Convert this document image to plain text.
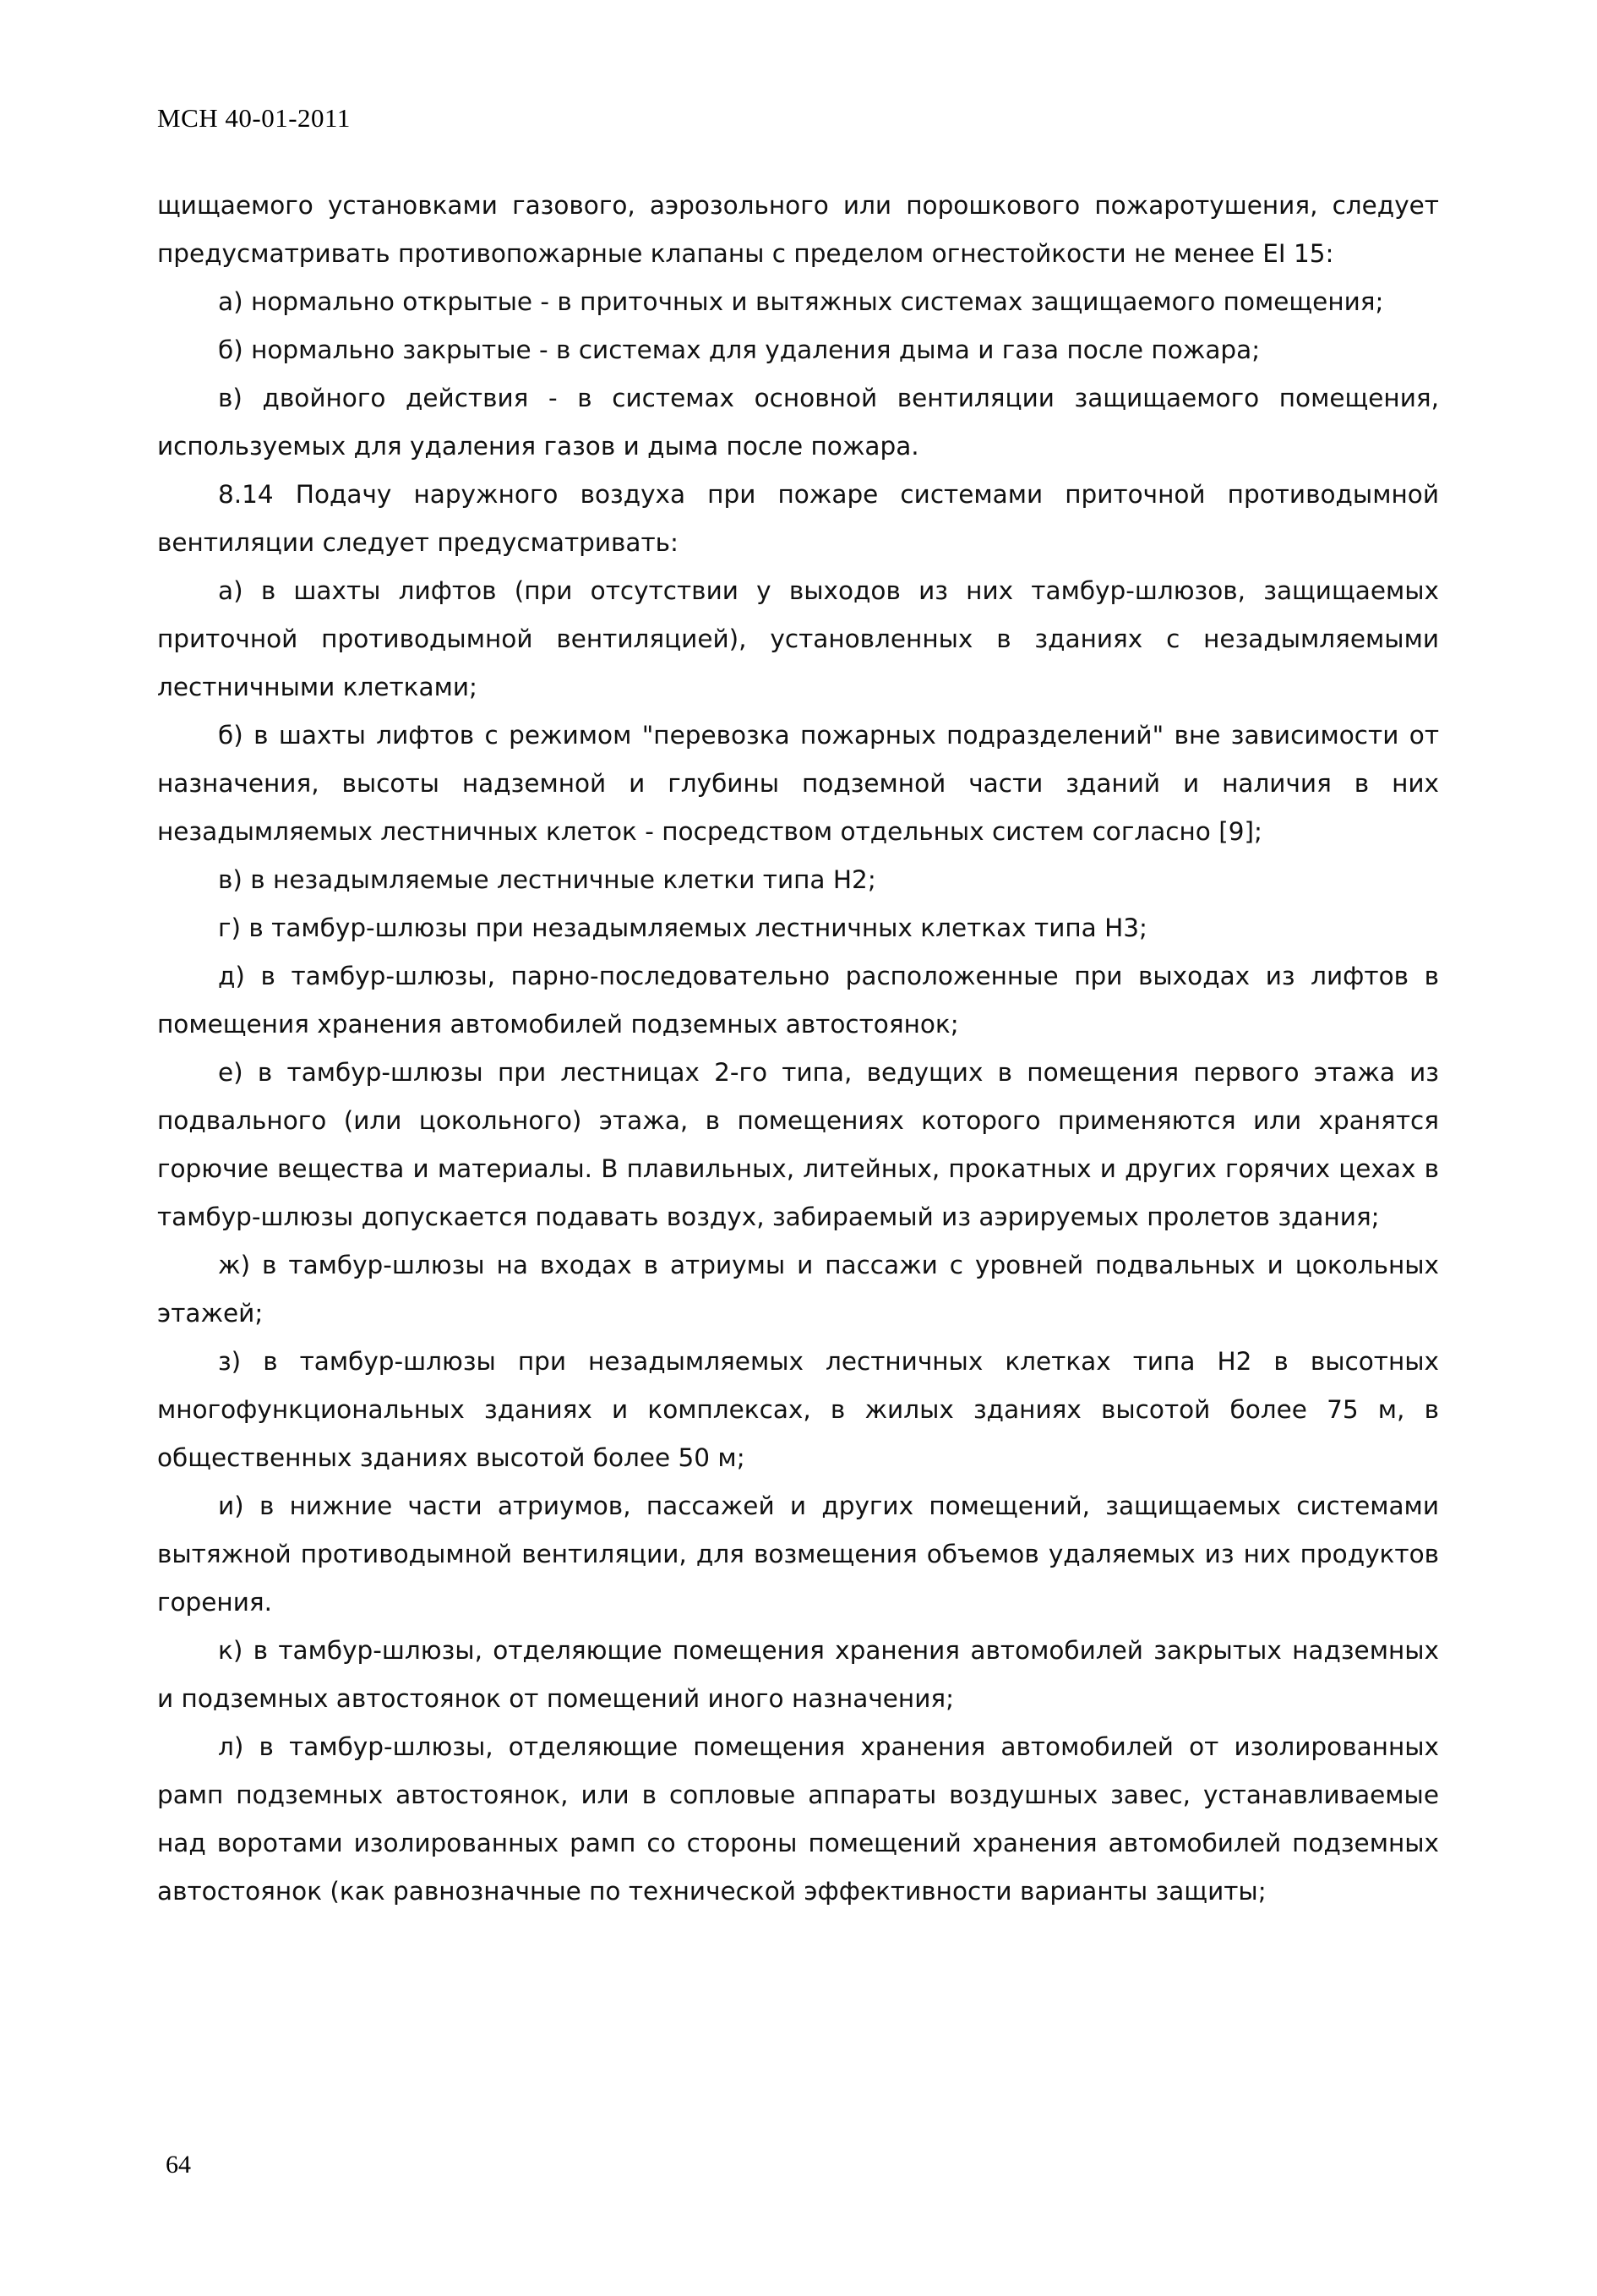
МСН 40-01-2011

щищаемого установками газового, аэрозольного или порошкового пожаротушения, следует предусматривать противопожарные клапаны с пределом огнестойкости не менее EI 15:

а) нормально открытые - в приточных и вытяжных системах защищаемого помещения;

б) нормально закрытые - в системах для удаления дыма и газа после пожара;

в) двойного действия - в системах основной вентиляции защищаемого помещения, используемых для удаления газов и дыма после пожара.

8.14 Подачу наружного воздуха при пожаре системами приточной противодымной вентиляции следует предусматривать:

а) в шахты лифтов (при отсутствии у выходов из них тамбур-шлюзов, защищаемых приточной противодымной вентиляцией), установленных в зданиях с незадымляемыми лестничными клетками;

б) в шахты лифтов с режимом "перевозка пожарных подразделений" вне зависимости от назначения, высоты надземной и глубины подземной части зданий и наличия в них незадымляемых лестничных клеток - посредством отдельных систем согласно [9];

в) в незадымляемые лестничные клетки типа Н2;

г) в тамбур-шлюзы при незадымляемых лестничных клетках типа Н3;

д) в тамбур-шлюзы, парно-последовательно расположенные при выходах из лифтов в помещения хранения автомобилей подземных автостоянок;

е) в тамбур-шлюзы при лестницах 2-го типа, ведущих в помещения первого этажа из подвального (или цокольного) этажа, в помещениях которого применяются или хранятся горючие вещества и материалы. В плавильных, литейных, прокатных и других горячих цехах в тамбур-шлюзы допускается подавать воздух, забираемый из аэрируемых пролетов здания;

ж) в тамбур-шлюзы на входах в атриумы и пассажи с уровней подвальных и цокольных этажей;

з) в тамбур-шлюзы при незадымляемых лестничных клетках типа Н2 в высотных многофункциональных зданиях и комплексах, в жилых зданиях высотой более 75 м, в общественных зданиях высотой более 50 м;

и) в нижние части атриумов, пассажей и других помещений, защищаемых системами вытяжной противодымной вентиляции, для возмещения объемов удаляемых из них продуктов горения.

к) в тамбур-шлюзы, отделяющие помещения хранения автомобилей закрытых надземных и подземных автостоянок от помещений иного назначения;

л) в тамбур-шлюзы, отделяющие помещения хранения автомобилей от изолированных рамп подземных автостоянок, или в сопловые аппараты воздушных завес, устанавливаемые над воротами изолированных рамп со стороны помещений хранения автомобилей подземных автостоянок (как равнозначные по технической эффективности варианты защиты;

64
